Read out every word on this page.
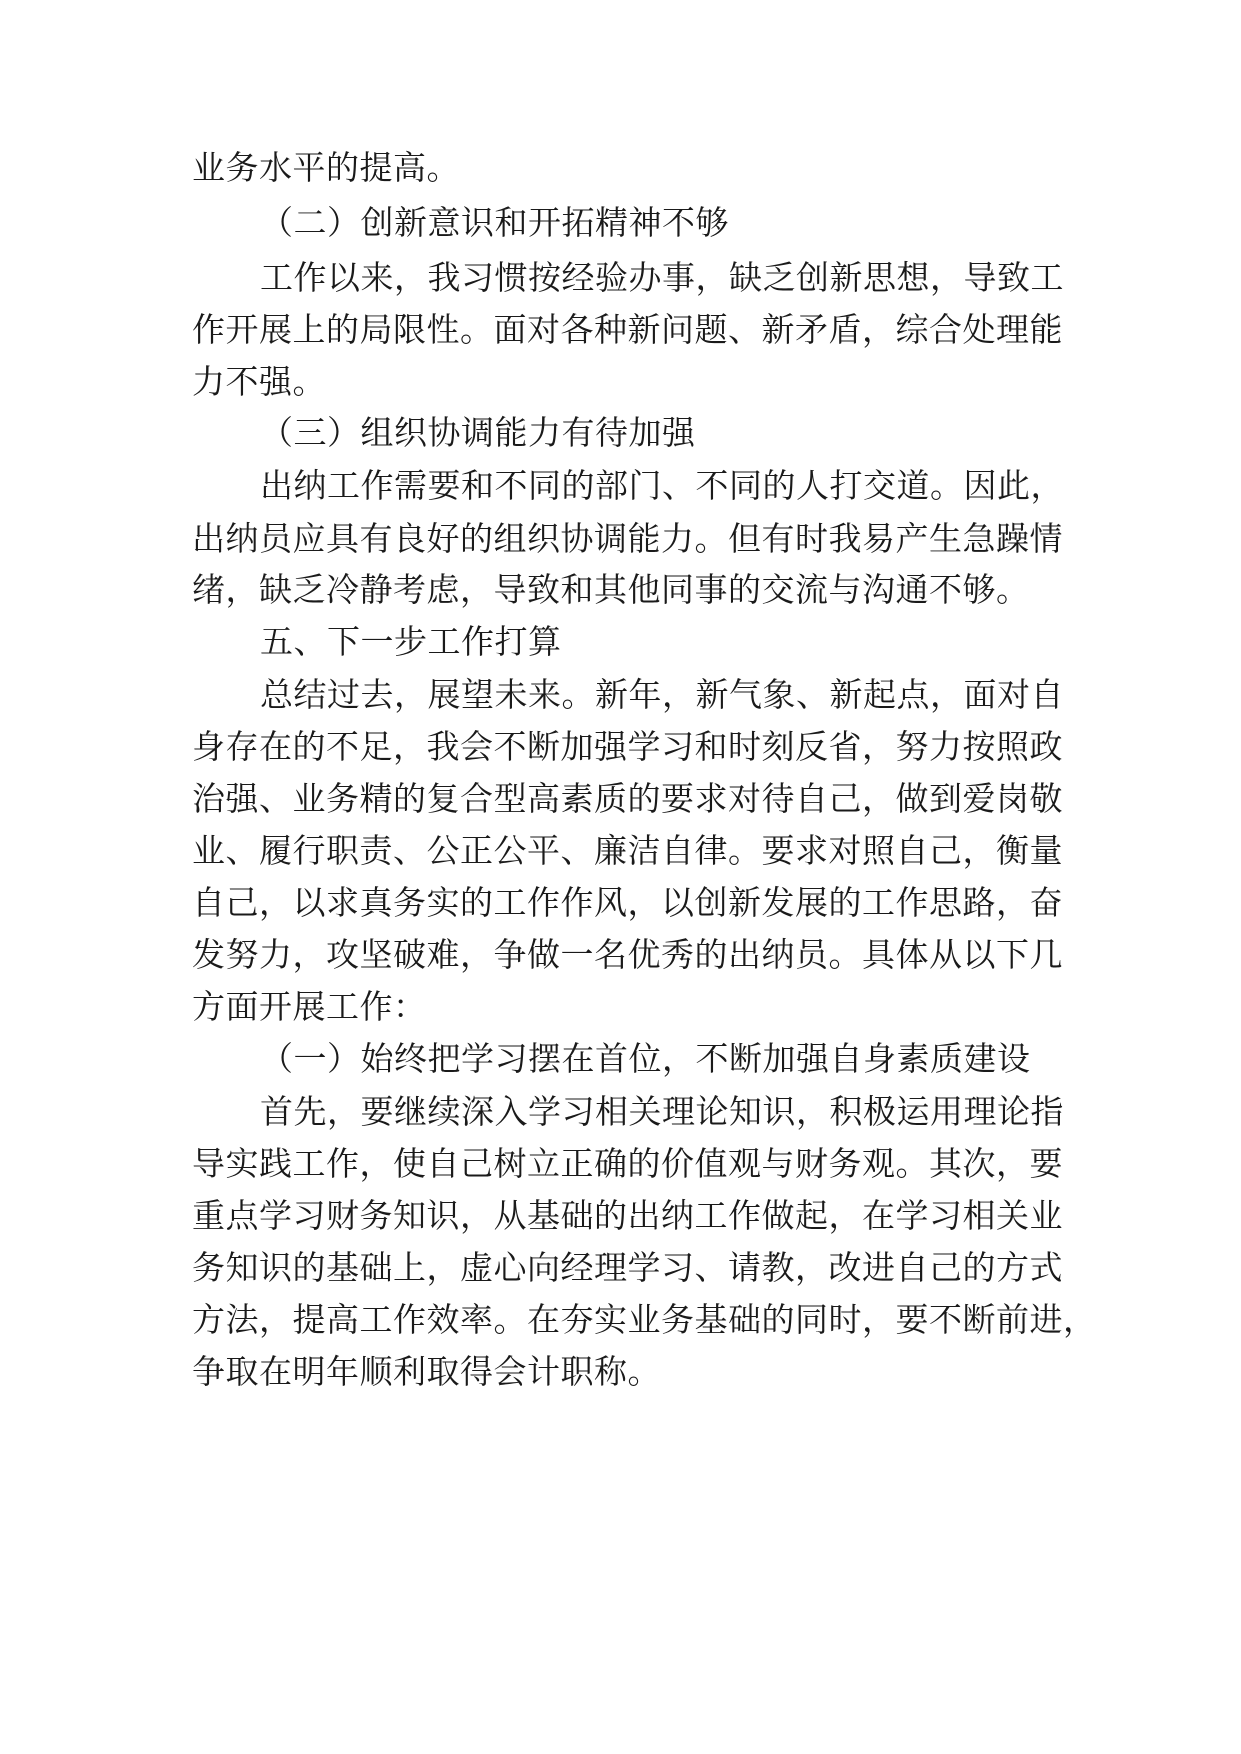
业务水平的提高。
（二）创新意识和开拓精神不够
工作以来，我习惯按经验办事，缺乏创新思想，导致工
作开展上的局限性。面对各种新问题、新矛盾，综合处理能
力不强。
（三）组织协调能力有待加强
出纳工作需要和不同的部门、不同的人打交道。因此，
出纳员应具有良好的组织协调能力。但有时我易产生急躁情
绪，缺乏冷静考虑，导致和其他同事的交流与沟通不够。
五、下一步工作打算
总结过去，展望未来。新年，新气象、新起点，面对自
身存在的不足，我会不断加强学习和时刻反省，努力按照政
治强、业务精的复合型高素质的要求对待自己，做到爱岗敬
业、履行职责、公正公平、廉洁自律。要求对照自己，衡量
自己，以求真务实的工作作风，以创新发展的工作思路，奋
发努力，攻坚破难，争做一名优秀的出纳员。具体从以下几
方面开展工作：
（一）始终把学习摆在首位，不断加强自身素质建设
首先，要继续深入学习相关理论知识，积极运用理论指
导实践工作，使自己树立正确的价值观与财务观。其次，要
重点学习财务知识，从基础的出纳工作做起，在学习相关业
务知识的基础上，虚心向经理学习、请教，改进自己的方式
方法，提高工作效率。在夯实业务基础的同时，要不断前进，
争取在明年顺利取得会计职称。
